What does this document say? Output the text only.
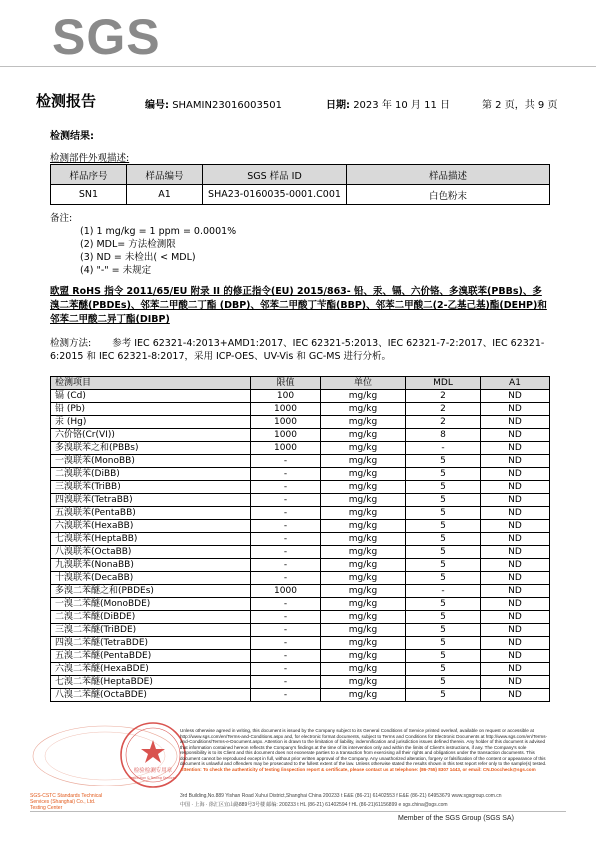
SGS
检测报告	编号: SHAMIN23016003501	日期: 2023 年 10 月 11 日	第 2 页，共 9 页
检测结果:
检测部件外观描述:
样品序号	样品编号	SGS 样品 ID	样品描述
SN1	A1	SHA23-0160035-0001.C001	白色粉末
备注:
(1) 1 mg/kg = 1 ppm = 0.0001%
(2) MDL= 方法检测限
(3) ND = 未检出( < MDL)
(4) "-" = 未规定
欧盟 RoHS 指令 2011/65/EU 附录 II 的修正指令(EU) 2015/863- 铅、汞、镉、六价铬、多溴联苯(PBBs)、多溴二苯醚(PBDEs)、邻苯二甲酸二丁酯 (DBP)、邻苯二甲酸丁苄酯(BBP)、邻苯二甲酸二(2-乙基己基)酯(DEHP)和邻苯二甲酸二异丁酯(DIBP)
检测方法: 参考 IEC 62321-4:2013+AMD1:2017、IEC 62321-5:2013、IEC 62321-7-2:2017、IEC 62321-6:2015 和 IEC 62321-8:2017，采用 ICP-OES、UV-Vis 和 GC-MS 进行分析。
检测项目	限值	单位	MDL	A1
镉 (Cd)	100	mg/kg	2	ND
铅 (Pb)	1000	mg/kg	2	ND
汞 (Hg)	1000	mg/kg	2	ND
六价铬(Cr(VI))	1000	mg/kg	8	ND
多溴联苯之和(PBBs)	1000	mg/kg	-	ND
一溴联苯(MonoBB)	-	mg/kg	5	ND
二溴联苯(DiBB)	-	mg/kg	5	ND
三溴联苯(TriBB)	-	mg/kg	5	ND
四溴联苯(TetraBB)	-	mg/kg	5	ND
五溴联苯(PentaBB)	-	mg/kg	5	ND
六溴联苯(HexaBB)	-	mg/kg	5	ND
七溴联苯(HeptaBB)	-	mg/kg	5	ND
八溴联苯(OctaBB)	-	mg/kg	5	ND
九溴联苯(NonaBB)	-	mg/kg	5	ND
十溴联苯(DecaBB)	-	mg/kg	5	ND
多溴二苯醚之和(PBDEs)	1000	mg/kg	-	ND
一溴二苯醚(MonoBDE)	-	mg/kg	5	ND
二溴二苯醚(DiBDE)	-	mg/kg	5	ND
三溴二苯醚(TriBDE)	-	mg/kg	5	ND
四溴二苯醚(TetraBDE)	-	mg/kg	5	ND
五溴二苯醚(PentaBDE)	-	mg/kg	5	ND
六溴二苯醚(HexaBDE)	-	mg/kg	5	ND
七溴二苯醚(HeptaBDE)	-	mg/kg	5	ND
八溴二苯醚(OctaBDE)	-	mg/kg	5	ND
检验检测专用章
Inspection & Testing Services
Unless otherwise agreed in writing, this document is issued by the Company subject to its General Conditions of Service printed overleaf, available on request or accessible at http://www.sgs.com/en/Terms-and-Conditions.aspx and, for electronic format documents, subject to Terms and Conditions for Electronic Documents at http://www.sgs.com/en/Terms-and-Conditions/Terms-e-Document.aspx. Attention is drawn to the limitation of liability, indemnification and jurisdiction issues defined therein. Any holder of this document is advised that information contained hereon reflects the Company's findings at the time of its intervention only and within the limits of Client's instructions, if any. The Company's sole responsibility is to its Client and this document does not exonerate parties to a transaction from exercising all their rights and obligations under the transaction documents. This document cannot be reproduced except in full, without prior written approval of the Company. Any unauthorized alteration, forgery or falsification of the content or appearance of this document is unlawful and offenders may be prosecuted to the fullest extent of the law. Unless otherwise stated the results shown in this test report refer only to the sample(s) tested.
Attention: To check the authenticity of testing /inspection report & certificate, please contact us at telephone: (86-755) 8307 1443, or email: CN.Doccheck@sgs.com
SGS-CSTC Standards Technical Services (Shanghai) Co., Ltd.
Testing Center
3rd Building,No.889 Yishan Road Xuhui District,Shanghai China 200233 t E&E (86-21) 61402553 f E&E (86-21) 64953679 www.sgsgroup.com.cn
中国 · 上海 · 徐汇区宜山路889号3号楼 邮编: 200233 t HL (86-21) 61402594 f HL (86-21)61156899 e sgs.china@sgs.com
Member of the SGS Group (SGS SA)
